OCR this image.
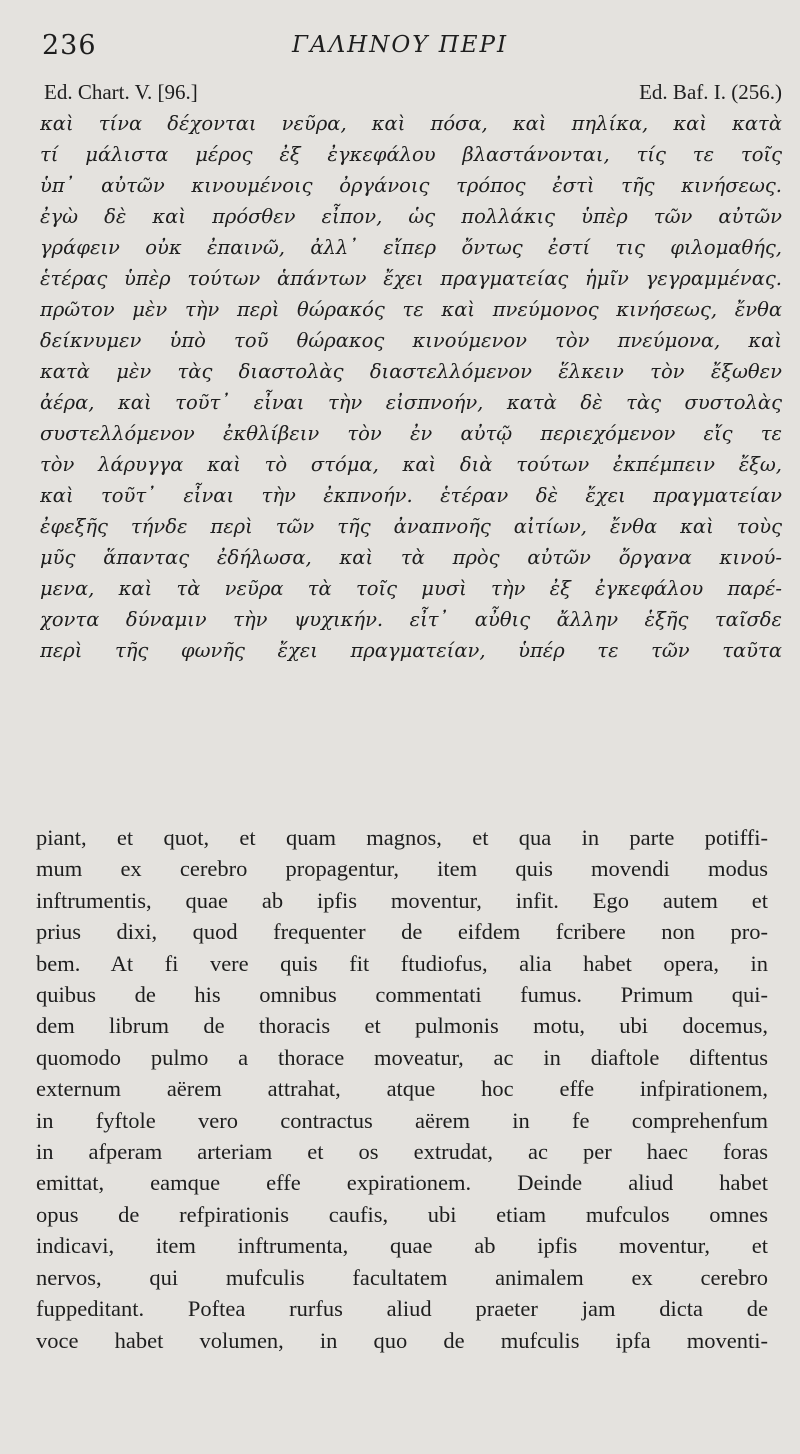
236	ΓΑΛΗΝΟΥ ΠΕΡΙ
Ed. Chart. V. [96.]	Ed. Baf. I. (256.)
καὶ τίνα δέχονται νεῦρα, καὶ πόσα, καὶ πηλίκα, καὶ κατὰ
τί μάλιστα μέρος ἐξ ἐγκεφάλου βλαστάνονται, τίς τε τοῖς
ὑπ᾽ αὐτῶν κινουμένοις ὀργάνοις τρόπος ἐστὶ τῆς κινήσεως.
ἐγὼ δὲ καὶ πρόσθεν εἶπον, ὡς πολλάκις ὑπὲρ τῶν αὐτῶν
γράφειν οὐκ ἐπαινῶ, ἀλλ᾽ εἴπερ ὄντως ἐστί τις φιλομαθής,
ἑτέρας ὑπὲρ τούτων ἁπάντων ἔχει πραγματείας ἡμῖν γεγραμμένας.
πρῶτον μὲν τὴν περὶ θώρακός τε καὶ πνεύμονος κινήσεως, ἔνθα
δείκνυμεν ὑπὸ τοῦ θώρακος κινούμενον τὸν πνεύμονα, καὶ
κατὰ μὲν τὰς διαστολὰς διαστελλόμενον ἕλκειν τὸν ἔξωθεν
ἀέρα, καὶ τοῦτ᾽ εἶναι τὴν εἰσπνοήν, κατὰ δὲ τὰς συστολὰς
συστελλόμενον ἐκθλίβειν τὸν ἐν αὐτῷ περιεχόμενον εἴς τε
τὸν λάρυγγα καὶ τὸ στόμα, καὶ διὰ τούτων ἐκπέμπειν ἔξω,
καὶ τοῦτ᾽ εἶναι τὴν ἐκπνοήν. ἑτέραν δὲ ἔχει πραγματείαν
ἐφεξῆς τήνδε περὶ τῶν τῆς ἀναπνοῆς αἰτίων, ἔνθα καὶ τοὺς
μῦς ἅπαντας ἐδήλωσα, καὶ τὰ πρὸς αὐτῶν ὄργανα κινού-
μενα, καὶ τὰ νεῦρα τὰ τοῖς μυσὶ τὴν ἐξ ἐγκεφάλου παρέ-
χοντα δύναμιν τὴν ψυχικήν. εἶτ᾽ αὖθις ἄλλην ἑξῆς ταῖσδε
περὶ τῆς φωνῆς ἔχει πραγματείαν, ὑπέρ τε τῶν ταῦτα
piant, et quot, et quam magnos, et qua in parte potiffi-
mum ex cerebro propagentur, item quis movendi modus
inftrumentis, quae ab ipfis moventur, infit. Ego autem et
prius dixi, quod frequenter de eifdem fcribere non pro-
bem. At fi vere quis fit ftudiofus, alia habet opera, in
quibus de his omnibus commentati fumus. Primum qui-
dem librum de thoracis et pulmonis motu, ubi docemus,
quomodo pulmo a thorace moveatur, ac in diaftole diftentus
externum aërem attrahat, atque hoc effe infpirationem,
in fyftole vero contractus aërem in fe comprehenfum
in afperam arteriam et os extrudat, ac per haec foras
emittat, eamque effe expirationem. Deinde aliud habet
opus de refpirationis caufis, ubi etiam mufculos omnes
indicavi, item inftrumenta, quae ab ipfis moventur, et
nervos, qui mufculis facultatem animalem ex cerebro
fuppeditant. Poftea rurfus aliud praeter jam dicta de
voce habet volumen, in quo de mufculis ipfa moventi-
